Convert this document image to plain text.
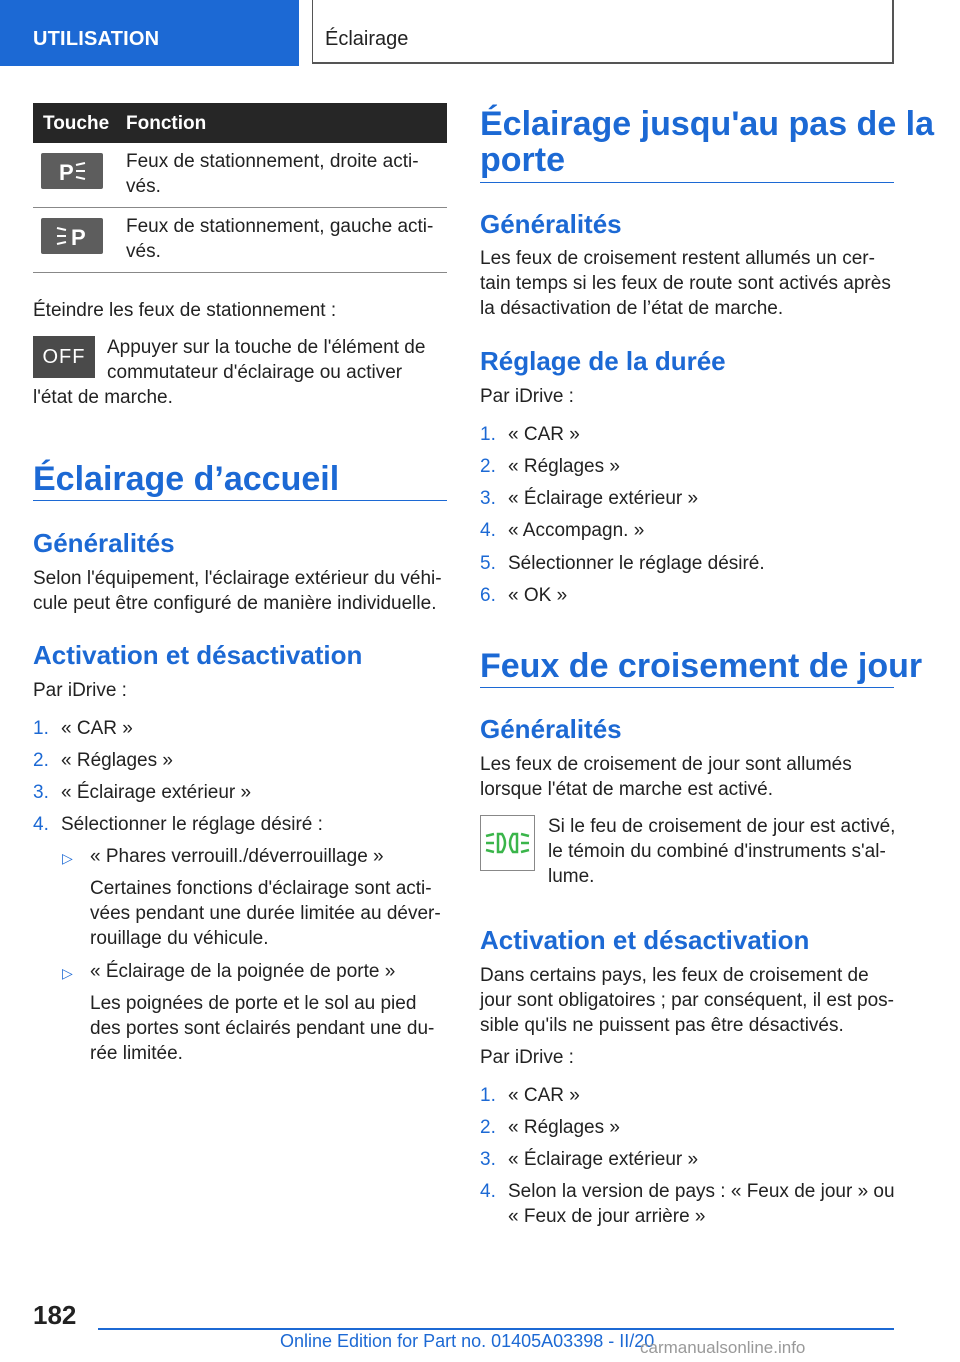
UTILISATION	Éclairage
Touche Fonction
P	Feux de stationnement, droite acti-
vés.
P Feux de stationnement, gauche acti-
vés.

Éteindre les feux de stationnement :

OFF	Appuyer sur la touche de l'élément de

commutateur d'éclairage ou activer

l'état de marche.

Éclairage d’accueil
Généralités

Selon l'équipement, l'éclairage extérieur du véhi-

cule peut être configuré de manière individuelle.

Activation et désactivation

Par iDrive :

1. « CAR »
2. « Réglages »
3. « Éclairage extérieur »
4. Sélectionner le réglage désiré :
▷ « Phares verrouill./déverrouillage »

Certaines fonctions d'éclairage sont acti-

vées pendant une durée limitée au déver-

rouillage du véhicule.

▷ « Éclairage de la poignée de porte »

Les poignées de porte et le sol au pied

des portes sont éclairés pendant une du-

rée limitée.

Éclairage jusqu'au pas de la
porte
Généralités

Les feux de croisement restent allumés un cer-

tain temps si les feux de route sont activés après

la désactivation de l’état de marche.

Réglage de la durée

Par iDrive :

1. « CAR »
2. « Réglages »
3. « Éclairage extérieur »
4. « Accompagn. »
5. Sélectionner le réglage désiré.
6. « OK »
Feux de croisement de jour
Généralités

Les feux de croisement de jour sont allumés

lorsque l'état de marche est activé.

Si le feu de croisement de jour est activé,

le témoin du combiné d'instruments s'al-

lume.

Activation et désactivation

Dans certains pays, les feux de croisement de

jour sont obligatoires ; par conséquent, il est pos-

sible qu'ils ne puissent pas être désactivés.

Par iDrive :

1. « CAR »
2. « Réglages »
3. « Éclairage extérieur »
4. Selon la version de pays : « Feux de jour » ou

« Feux de jour arrière »

182
Online Edition for Part no. 01405A03398 - II/20
carmanualsonline.info
